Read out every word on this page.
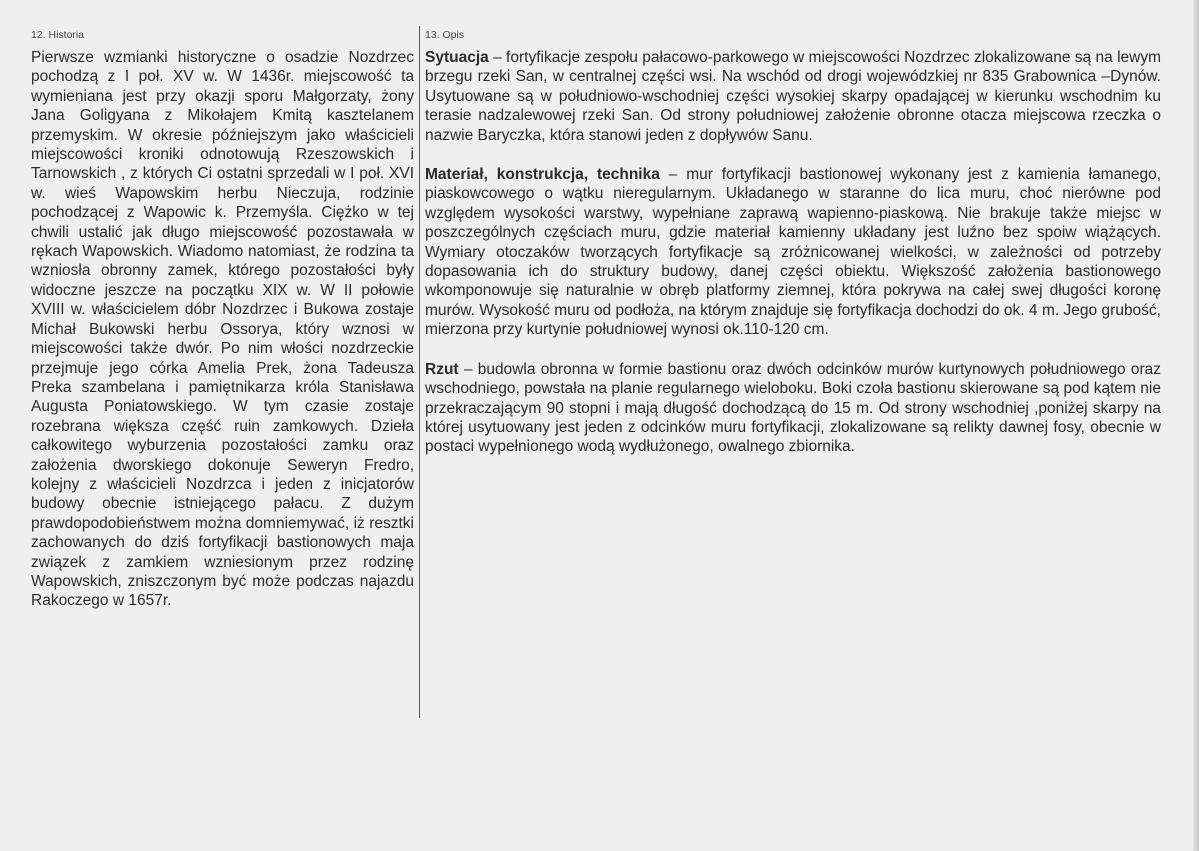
12. Historia	13. Opis

Pierwsze wzmianki historyczne o osadzie Nozdrzec pochodzą z I poł. XV w. W 1436r. miejscowość ta wymieniana jest przy okazji sporu Małgorzaty, żony Jana Goligyana z Mikołajem Kmitą kasztelanem przemyskim. W okresie późniejszym jako właścicieli miejscowości kroniki odnotowują Rzeszowskich i Tarnowskich , z których Ci ostatni sprzedali w I poł. XVI w. wieś Wapowskim herbu Nieczuja, rodzinie pochodzącej z Wapowic k. Przemyśla. Ciężko w tej chwili ustalić jak długo miejscowość pozostawała w rękach Wapowskich. Wiadomo natomiast, że rodzina ta wzniosła obronny zamek, którego pozostałości były widoczne jeszcze na początku XIX w. W II połowie XVIII w. właścicielem dóbr Nozdrzec i Bukowa zostaje Michał Bukowski herbu Ossorya, który wznosi w miejscowości także dwór. Po nim włości nozdrzeckie przejmuje jego córka Amelia Prek, żona Tadeusza Preka szambelana i pamiętnikarza króla Stanisława Augusta Poniatowskiego. W tym czasie zostaje rozebrana większa część ruin zamkowych. Dzieła całkowitego wyburzenia pozostałości zamku oraz założenia dworskiego dokonuje Seweryn Fredro, kolejny z właścicieli Nozdrzca i jeden z inicjatorów budowy obecnie istniejącego pałacu. Z dużym prawdopodobieństwem można domniemywać, iż resztki zachowanych do dziś fortyfikacji bastionowych maja związek z zamkiem wzniesionym przez rodzinę Wapowskich, zniszczonym być może podczas najazdu Rakoczego w 1657r.

Sytuacja – fortyfikacje zespołu pałacowo-parkowego w miejscowości Nozdrzec zlokalizowane są na lewym brzegu rzeki San, w centralnej części wsi. Na wschód od drogi wojewódzkiej nr 835 Grabownica –Dynów. Usytuowane są w południowo-wschodniej części wysokiej skarpy opadającej w kierunku wschodnim ku terasie nadzalewowej rzeki San. Od strony południowej założenie obronne otacza miejscowa rzeczka o nazwie Baryczka, która stanowi jeden z dopływów Sanu.

Materiał, konstrukcja, technika – mur fortyfikacji bastionowej wykonany jest z kamienia łamanego, piaskowcowego o wątku nieregularnym. Układanego w staranne do lica muru, choć nierówne pod względem wysokości warstwy, wypełniane zaprawą wapienno-piaskową. Nie brakuje także miejsc w poszczególnych częściach muru, gdzie materiał kamienny układany jest luźno bez spoiw wiążących. Wymiary otoczaków tworzących fortyfikacje są zróżnicowanej wielkości, w zależności od potrzeby dopasowania ich do struktury budowy, danej części obiektu. Większość założenia bastionowego wkomponowuje się naturalnie w obręb platformy ziemnej, która pokrywa na całej swej długości koronę murów. Wysokość muru od podłoża, na którym znajduje się fortyfikacja dochodzi do ok. 4 m. Jego grubość, mierzona przy kurtynie południowej wynosi ok.110-120 cm.

Rzut – budowla obronna w formie bastionu oraz dwóch odcinków murów kurtynowych południowego oraz wschodniego, powstała na planie regularnego wieloboku. Boki czoła bastionu skierowane są pod kątem nie przekraczającym 90 stopni i mają długość dochodzącą do 15 m. Od strony wschodniej ,poniżej skarpy na której usytuowany jest jeden z odcinków muru fortyfikacji, zlokalizowane są relikty dawnej fosy, obecnie w postaci wypełnionego wodą wydłużonego, owalnego zbiornika.
